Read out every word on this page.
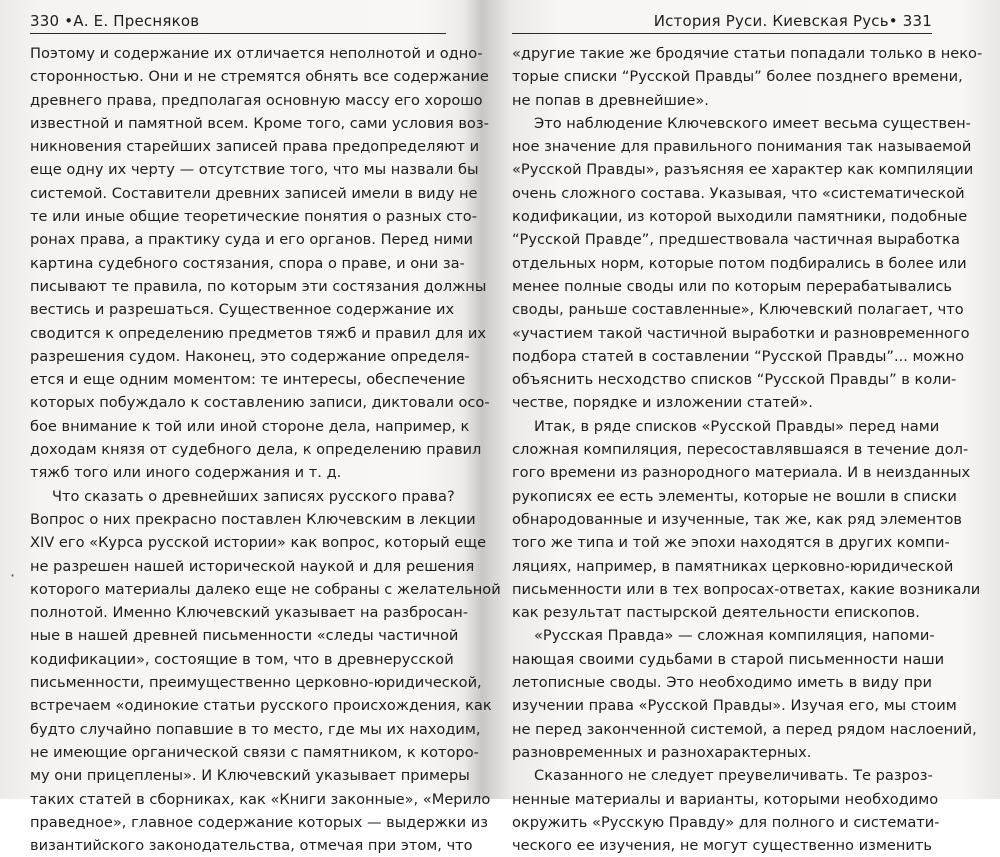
330 •А. Е. Пресняков
Поэтому и содержание их отличается неполнотой и одно-
сторонностью. Они и не стремятся обнять все содержание
древнего права, предполагая основную массу его хорошо
известной и памятной всем. Кроме того, сами условия воз-
никновения старейших записей права предопределяют и
еще одну их черту — отсутствие того, что мы назвали бы
системой. Составители древних записей имели в виду не
те или иные общие теоретические понятия о разных сто-
ронах права, а практику суда и его органов. Перед ними
картина судебного состязания, спора о праве, и они за-
писывают те правила, по которым эти состязания должны
вестись и разрешаться. Существенное содержание их
сводится к определению предметов тяжб и правил для их
разрешения судом. Наконец, это содержание определя-
ется и еще одним моментом: те интересы, обеспечение
которых побуждало к составлению записи, диктовали осо-
бое внимание к той или иной стороне дела, например, к
доходам князя от судебного дела, к определению правил
тяжб того или иного содержания и т. д.
Что сказать о древнейших записях русского права?
Вопрос о них прекрасно поставлен Ключевским в лекции
XIV его «Курса русской истории» как вопрос, который еще
не разрешен нашей исторической наукой и для решения
которого материалы далеко еще не собраны с желательной
полнотой. Именно Ключевский указывает на разбросан-
ные в нашей древней письменности «следы частичной
кодификации», состоящие в том, что в древнерусской
письменности, преимущественно церковно-юридической,
встречаем «одинокие статьи русского происхождения, как
будто случайно попавшие в то место, где мы их находим,
не имеющие органической связи с памятником, к которо-
му они прицеплены». И Ключевский указывает примеры
таких статей в сборниках, как «Книги законные», «Мерило
праведное», главное содержание которых — выдержки из
византийского законодательства, отмечая при этом, что
История Руси. Киевская Русь• 331
«другие такие же бродячие статьи попадали только в неко-
торые списки “Русской Правды” более позднего времени,
не попав в древнейшие».
Это наблюдение Ключевского имеет весьма существен-
ное значение для правильного понимания так называемой
«Русской Правды», разъясняя ее характер как компиляции
очень сложного состава. Указывая, что «систематической
кодификации, из которой выходили памятники, подобные
“Русской Правде”, предшествовала частичная выработка
отдельных норм, которые потом подбирались в более или
менее полные своды или по которым перерабатывались
своды, раньше составленные», Ключевский полагает, что
«участием такой частичной выработки и разновременного
подбора статей в составлении “Русской Правды”... можно
объяснить несходство списков “Русской Правды” в коли-
честве, порядке и изложении статей».
Итак, в ряде списков «Русской Правды» перед нами
сложная компиляция, пересоставлявшаяся в течение дол-
гого времени из разнородного материала. И в неизданных
рукописях ее есть элементы, которые не вошли в списки
обнародованные и изученные, так же, как ряд элементов
того же типа и той же эпохи находятся в других компи-
ляциях, например, в памятниках церковно-юридической
письменности или в тех вопросах-ответах, какие возникали
как результат пастырской деятельности епископов.
«Русская Правда» — сложная компиляция, напоми-
нающая своими судьбами в старой письменности наши
летописные своды. Это необходимо иметь в виду при
изучении права «Русской Правды». Изучая его, мы стоим
не перед законченной системой, а перед рядом наслоений,
разновременных и разнохарактерных.
Сказанного не следует преувеличивать. Те разроз-
ненные материалы и варианты, которыми необходимо
окружить «Русскую Правду» для полного и системати-
ческого ее изучения, не могут существенно изменить
·
